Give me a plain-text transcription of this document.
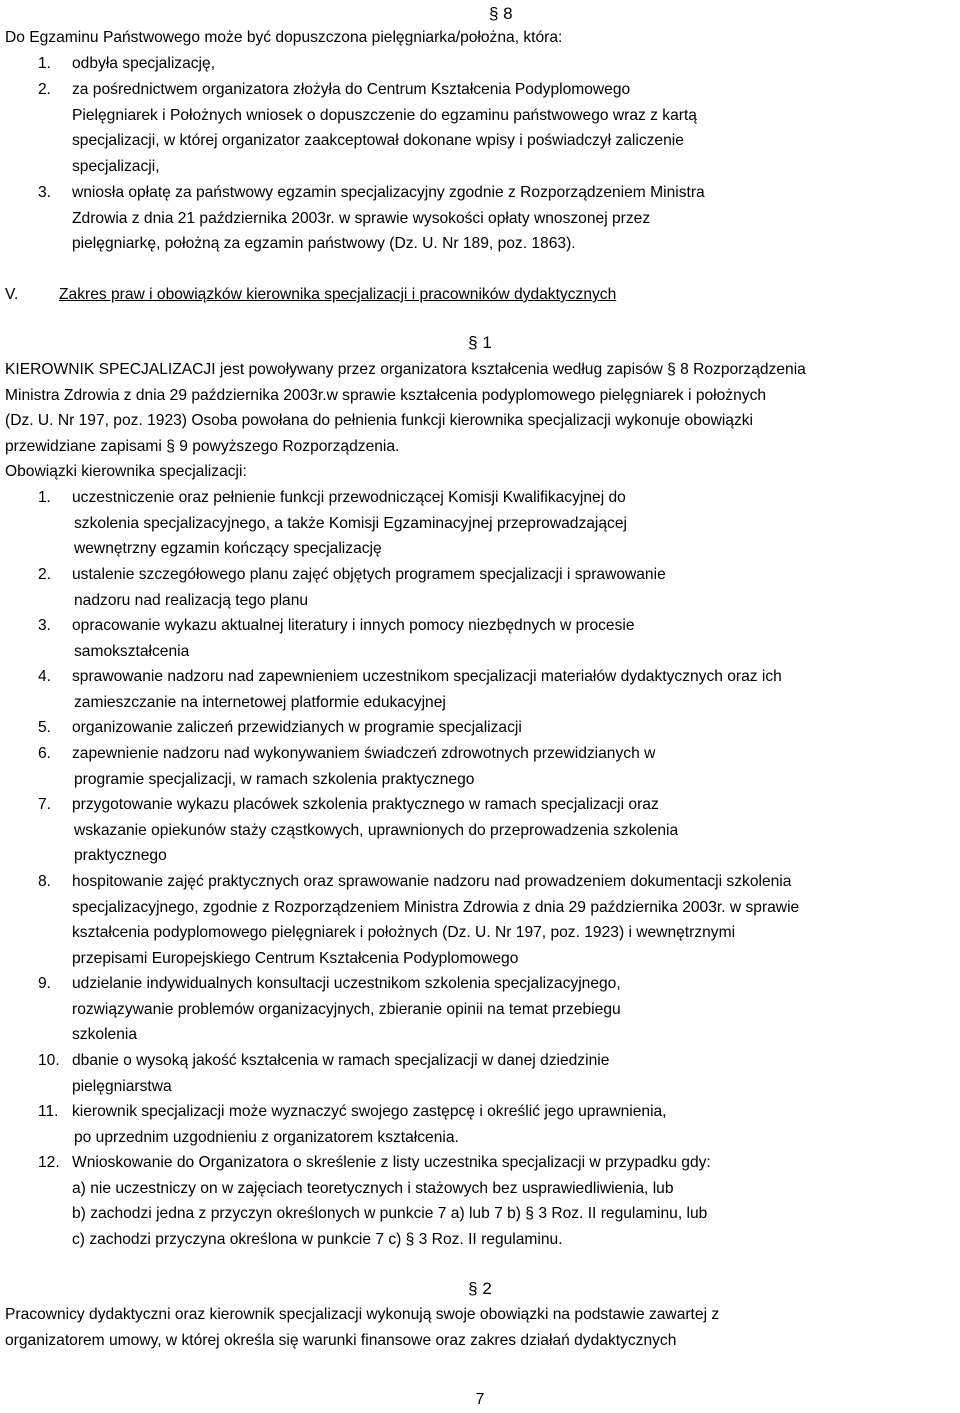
§ 8
Do Egzaminu Państwowego może być dopuszczona pielęgniarka/położna, która:
1. odbyła specjalizację,
2. za pośrednictwem organizatora złożyła do Centrum Kształcenia Podyplomowego
Pielęgniarek i Położnych wniosek o dopuszczenie do egzaminu państwowego wraz z kartą
specjalizacji, w której organizator zaakceptował dokonane wpisy i poświadczył zaliczenie
specjalizacji,
3. wniosła opłatę za państwowy egzamin specjalizacyjny zgodnie z Rozporządzeniem Ministra
Zdrowia z dnia 21 października 2003r. w sprawie wysokości opłaty wnoszonej przez
pielęgniarkę, położną za egzamin państwowy (Dz. U. Nr 189, poz. 1863).
V.	Zakres praw i obowiązków kierownika specjalizacji i pracowników dydaktycznych
§ 1
KIEROWNIK SPECJALIZACJI jest powoływany przez organizatora kształcenia według zapisów § 8 Rozporządzenia
Ministra Zdrowia z dnia 29 października 2003r.w sprawie kształcenia podyplomowego pielęgniarek i położnych
(Dz. U. Nr 197, poz. 1923) Osoba powołana do pełnienia funkcji kierownika specjalizacji wykonuje obowiązki
przewidziane zapisami § 9 powyższego Rozporządzenia.
Obowiązki kierownika specjalizacji:
1. uczestniczenie oraz pełnienie funkcji przewodniczącej Komisji Kwalifikacyjnej do
szkolenia specjalizacyjnego, a także Komisji Egzaminacyjnej przeprowadzającej
wewnętrzny egzamin kończący specjalizację
2. ustalenie szczegółowego planu zajęć objętych programem specjalizacji i sprawowanie
nadzoru nad realizacją tego planu
3. opracowanie wykazu aktualnej literatury i innych pomocy niezbędnych w procesie
samokształcenia
4. sprawowanie nadzoru nad zapewnieniem uczestnikom specjalizacji materiałów dydaktycznych oraz ich
zamieszczanie na internetowej platformie edukacyjnej
5. organizowanie zaliczeń przewidzianych w programie specjalizacji
6. zapewnienie nadzoru nad wykonywaniem świadczeń zdrowotnych przewidzianych w
programie specjalizacji, w ramach szkolenia praktycznego
7. przygotowanie wykazu placówek szkolenia praktycznego w ramach specjalizacji oraz
wskazanie opiekunów staży cząstkowych, uprawnionych do przeprowadzenia szkolenia
praktycznego
8. hospitowanie zajęć praktycznych oraz sprawowanie nadzoru nad prowadzeniem dokumentacji szkolenia
specjalizacyjnego, zgodnie z Rozporządzeniem Ministra Zdrowia z dnia 29 października 2003r. w sprawie
kształcenia podyplomowego pielęgniarek i położnych (Dz. U. Nr 197, poz. 1923) i wewnętrznymi
przepisami Europejskiego Centrum Kształcenia Podyplomowego
9. udzielanie indywidualnych konsultacji uczestnikom szkolenia specjalizacyjnego,
rozwiązywanie problemów organizacyjnych, zbieranie opinii na temat przebiegu
szkolenia
10. dbanie o wysoką jakość kształcenia w ramach specjalizacji w danej dziedzinie
pielęgniarstwa
11. kierownik specjalizacji może wyznaczyć swojego zastępcę i określić jego uprawnienia,
po uprzednim uzgodnieniu z organizatorem kształcenia.
12. Wnioskowanie do Organizatora o skreślenie z listy uczestnika specjalizacji w przypadku gdy:
a) nie uczestniczy on w zajęciach teoretycznych i stażowych bez usprawiedliwienia, lub
b) zachodzi jedna z przyczyn określonych w punkcie 7 a) lub 7 b) § 3 Roz. II regulaminu, lub
c) zachodzi przyczyna określona w punkcie 7 c) § 3 Roz. II regulaminu.
§ 2
Pracownicy dydaktyczni oraz kierownik specjalizacji wykonują swoje obowiązki na podstawie zawartej z
organizatorem umowy, w której określa się warunki finansowe oraz zakres działań dydaktycznych
7
